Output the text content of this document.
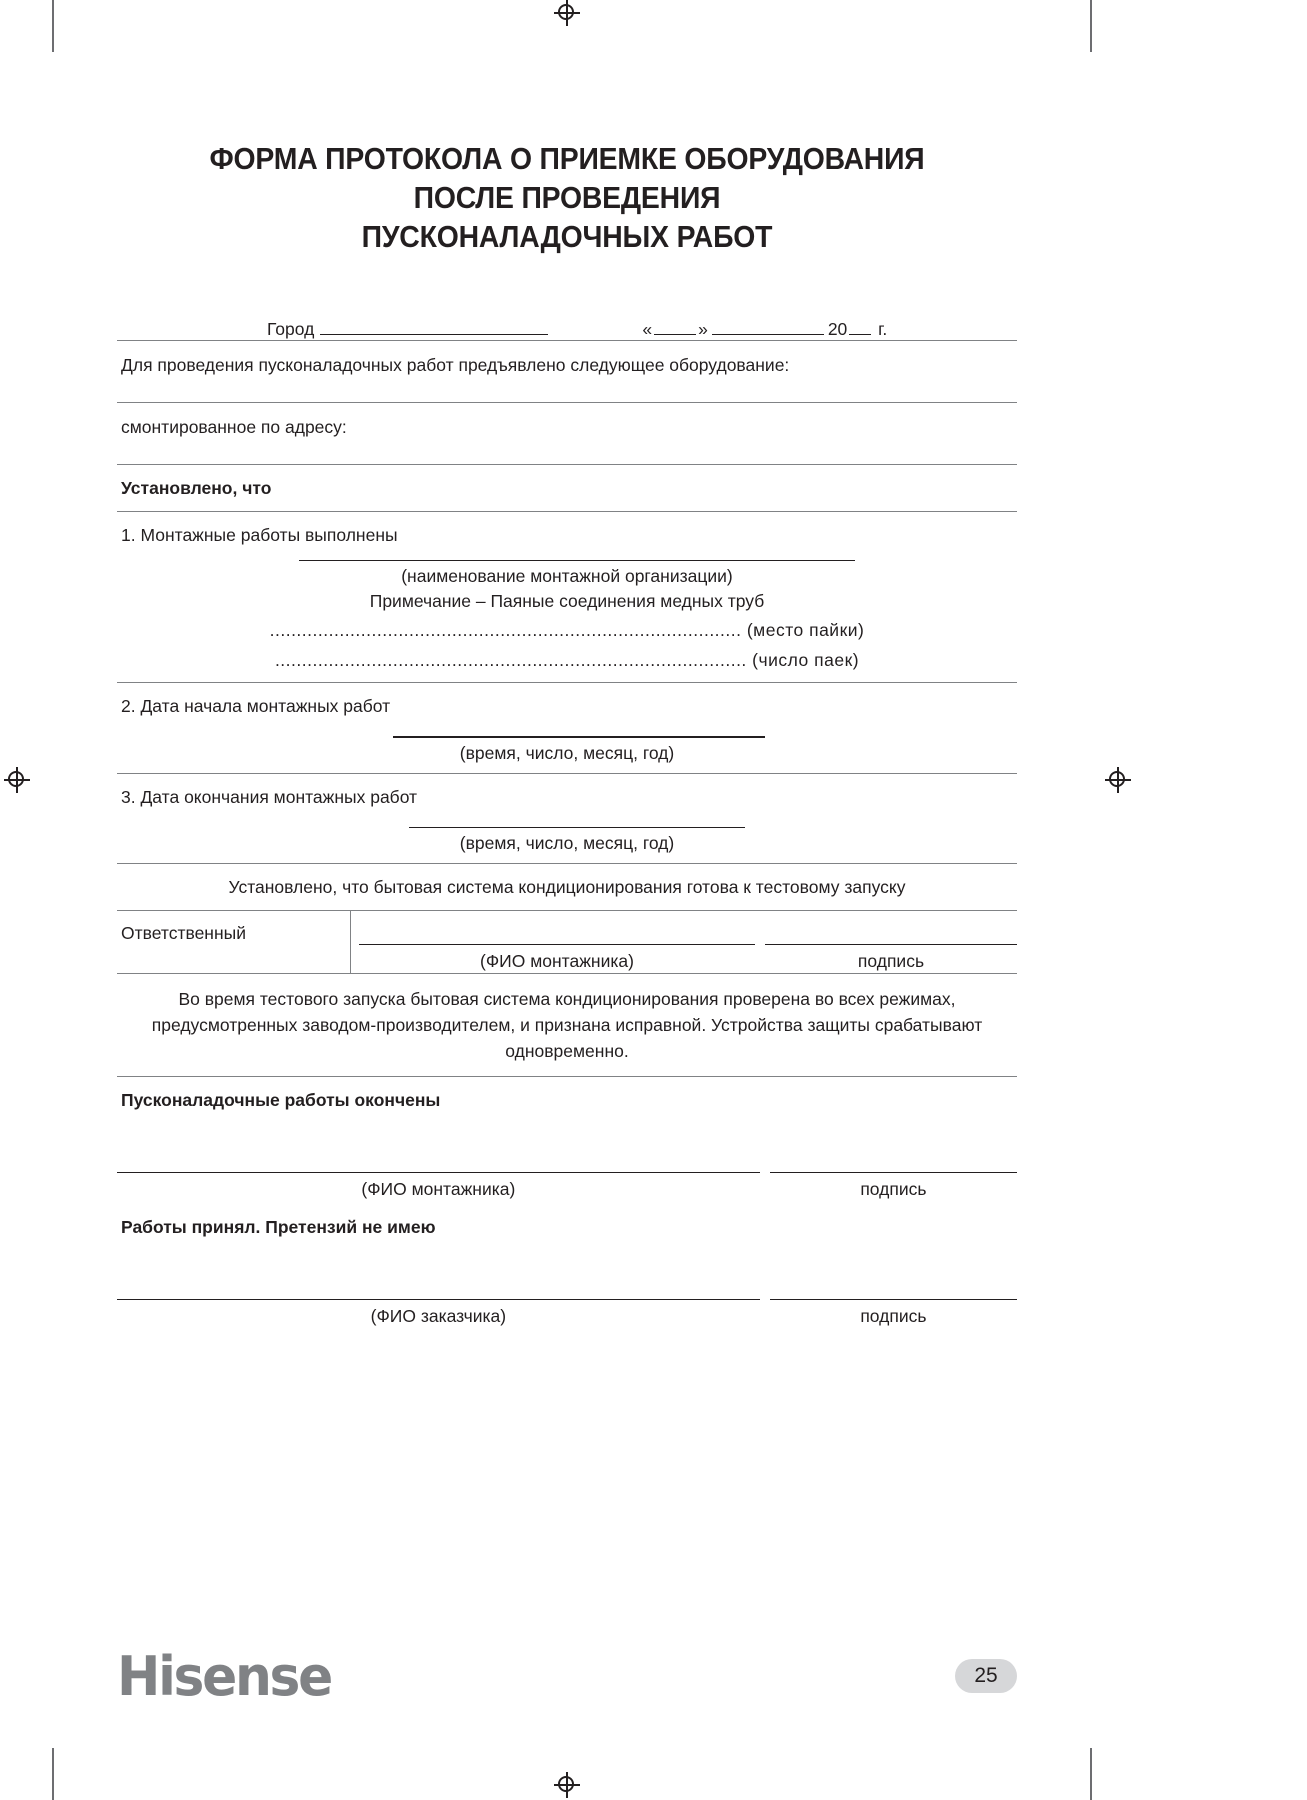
ФОРМА ПРОТОКОЛА О ПРИЕМКЕ ОБОРУДОВАНИЯ
ПОСЛЕ ПРОВЕДЕНИЯ
ПУСКОНАЛАДОЧНЫХ РАБОТ
Город	«	»	20 г.
Для проведения пусконаладочных работ предъявлено следующее оборудование:
смонтированное по адресу:
Установлено, что
1. Монтажные работы выполнены
(наименование монтажной организации)
Примечание – Паяные соединения медных труб
........................................................................................ (место пайки)
........................................................................................ (число паек)
2. Дата начала монтажных работ
(время, число, месяц, год)
3. Дата окончания монтажных работ
(время, число, месяц, год)
Установлено, что бытовая система кондиционирования готова к тестовому запуску
Ответственный
(ФИО монтажника)	подпись
Во время тестового запуска бытовая система кондиционирования проверена во всех режимах, предусмотренных заводом-производителем, и признана исправной. Устройства защиты срабатывают одновременно.
Пусконаладочные работы окончены
(ФИО монтажника)	подпись
Работы принял. Претензий не имею
(ФИО заказчика)	подпись
Hisense	25
